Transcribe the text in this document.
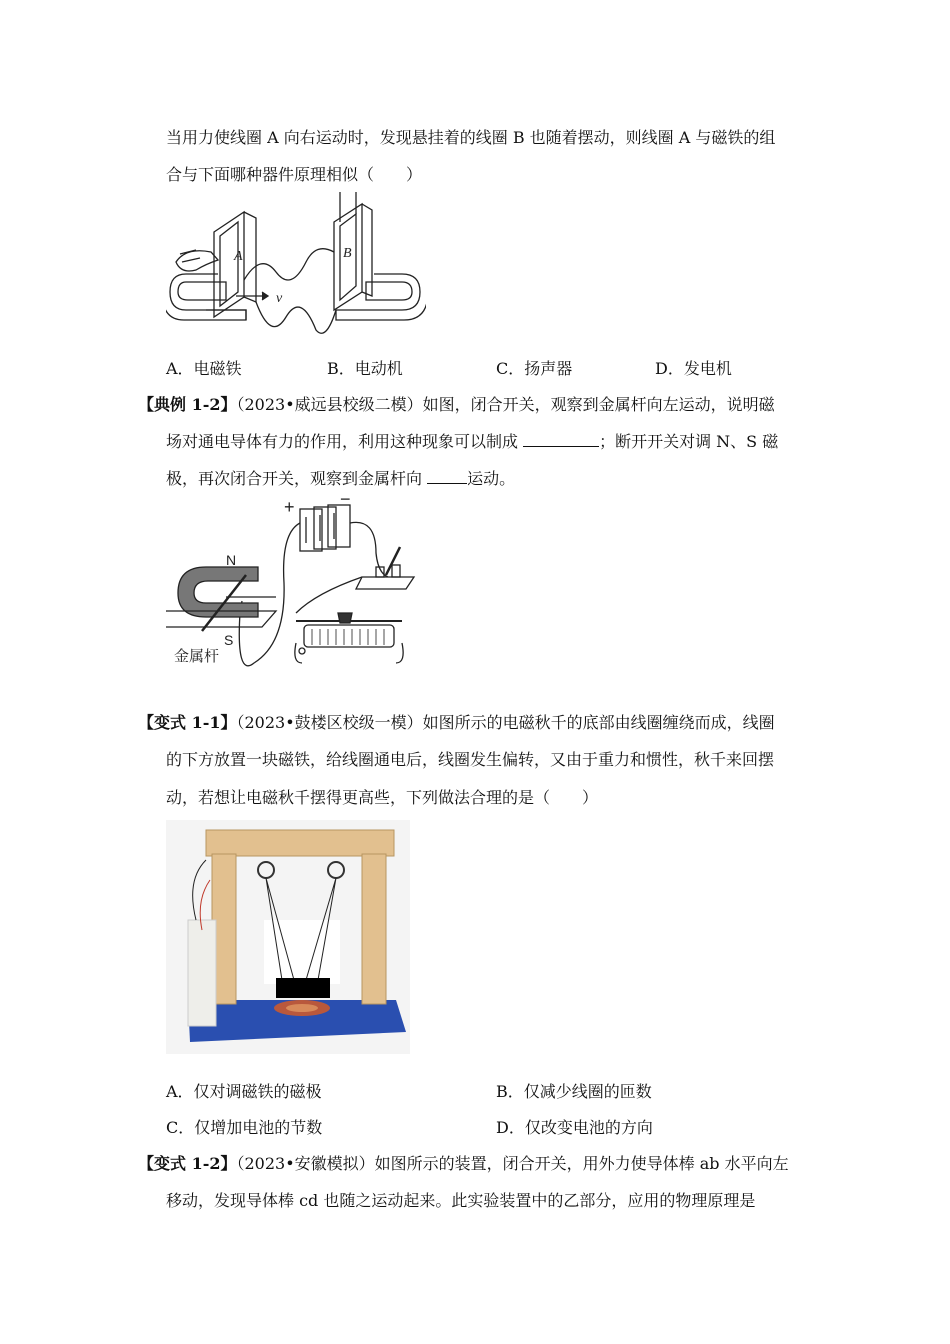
当用力使线圈 A 向右运动时，发现悬挂着的线圈 B 也随着摆动，则线圈 A 与磁铁的组
合与下面哪种器件原理相似（　　）
A	B
v
A．电磁铁	B．电动机	C．扬声器	D．发电机
【典例 1-2】（2023•威远县校级二模）如图，闭合开关，观察到金属杆向左运动，说明磁
场对通电导体有力的作用，利用这种现象可以制成	；断开开关对调 N、S 磁
极，再次闭合开关，观察到金属杆向	运动。
+	−
N
S
金属杆
【变式 1-1】（2023•鼓楼区校级一模）如图所示的电磁秋千的底部由线圈缠绕而成，线圈
的下方放置一块磁铁，给线圈通电后，线圈发生偏转，又由于重力和惯性，秋千来回摆
动，若想让电磁秋千摆得更高些，下列做法合理的是（　　）
A．仅对调磁铁的磁极	B．仅减少线圈的匝数
C．仅增加电池的节数	D．仅改变电池的方向
【变式 1-2】（2023•安徽模拟）如图所示的装置，闭合开关，用外力使导体棒 ab 水平向左
移动，发现导体棒 cd 也随之运动起来。此实验装置中的乙部分，应用的物理原理是
